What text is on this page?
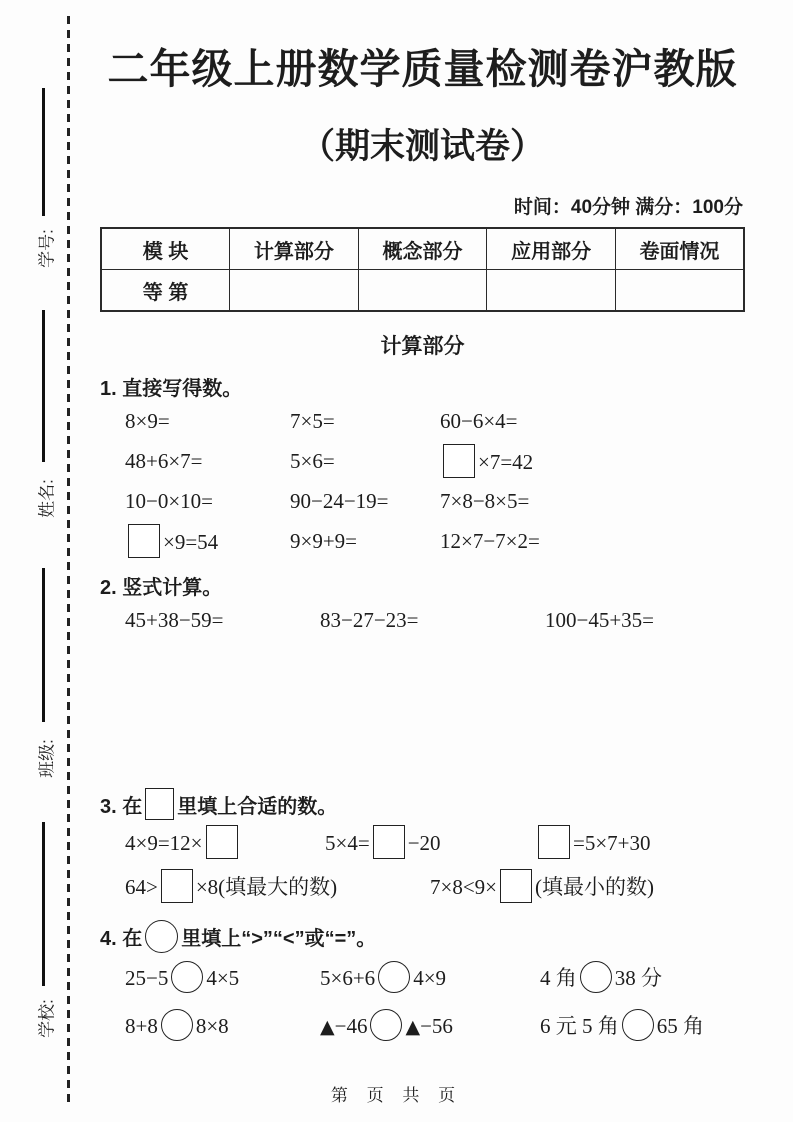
学号:
姓名:
班级:
学校:
二年级上册数学质量检测卷沪教版
（期末测试卷）
时间：40分钟 满分：100分
模 块	计算部分	概念部分	应用部分	卷面情况
等 第				
计算部分
1. 直接写得数。
8×9=	7×5=	60−6×4=
48+6×7=	5×6=	×7=42
10−0×10=	90−24−19=	7×8−8×5=
×9=54	9×9+9=	12×7−7×2=
2. 竖式计算。
45+38−59=	83−27−23=	100−45+35=
3. 在 里填上合适的数。
4×9=12×	5×4= −20	=5×7+30
64> ×8(填最大的数)	7×8<9× (填最小的数)
4. 在 里填上“>”“<”或“=”。
25−5 4×5	5×6+6 4×9	4 角 38 分
8+8 8×8	▲−46 ▲−56	6 元 5 角 65 角
第 页 共 页
